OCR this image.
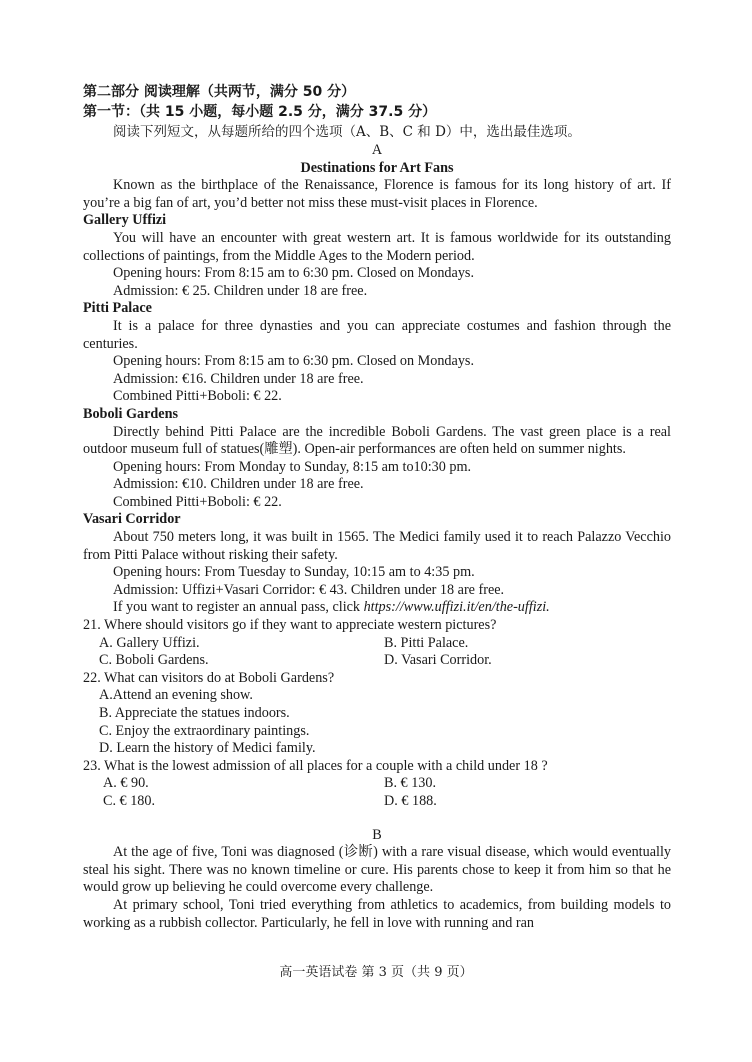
第二部分 阅读理解（共两节，满分 50 分）

第一节：（共 15 小题，每小题 2.5 分，满分 37.5 分）

阅读下列短文，从每题所给的四个选项（A、B、C 和 D）中，选出最佳选项。

A

Destinations for Art Fans

Known as the birthplace of the Renaissance, Florence is famous for its long history of art. If you’re a big fan of art, you’d better not miss these must-visit places in Florence.

Gallery Uffizi

You will have an encounter with great western art. It is famous worldwide for its outstanding collections of paintings, from the Middle Ages to the Modern period.

Opening hours: From 8:15 am to 6:30 pm. Closed on Mondays.

Admission: € 25. Children under 18 are free.

Pitti Palace

It is a palace for three dynasties and you can appreciate costumes and fashion through the centuries.

Opening hours: From 8:15 am to 6:30 pm. Closed on Mondays.

Admission: €16. Children under 18 are free.

Combined Pitti+Boboli: € 22.

Boboli Gardens

Directly behind Pitti Palace are the incredible Boboli Gardens. The vast green place is a real outdoor museum full of statues(雕塑). Open-air performances are often held on summer nights.

Opening hours: From Monday to Sunday, 8:15 am to10:30 pm.

Admission: €10. Children under 18 are free.

Combined Pitti+Boboli: € 22.

Vasari Corridor

About 750 meters long, it was built in 1565. The Medici family used it to reach Palazzo Vecchio from Pitti Palace without risking their safety.

Opening hours: From Tuesday to Sunday, 10:15 am to 4:35 pm.

Admission: Uffizi+Vasari Corridor: € 43. Children under 18 are free.

If you want to register an annual pass, click https://www.uffizi.it/en/the-uffizi.

21. Where should visitors go if they want to appreciate western pictures?

A. Gallery Uffizi.	B. Pitti Palace.
C. Boboli Gardens.	D. Vasari Corridor.

22. What can visitors do at Boboli Gardens?

A.Attend an evening show.

B. Appreciate the statues indoors.

C. Enjoy the extraordinary paintings.

D. Learn the history of Medici family.

23. What is the lowest admission of all places for a couple with a child under 18 ?

A. € 90.	B. € 130.
C. € 180.	D. € 188.

B

At the age of five, Toni was diagnosed (诊断) with a rare visual disease, which would eventually steal his sight. There was no known timeline or cure. His parents chose to keep it from him so that he would grow up believing he could overcome every challenge.

At primary school, Toni tried everything from athletics to academics, from building models to working as a rubbish collector. Particularly, he fell in love with running and ran

高一英语试卷 第 3 页（共 9 页）
